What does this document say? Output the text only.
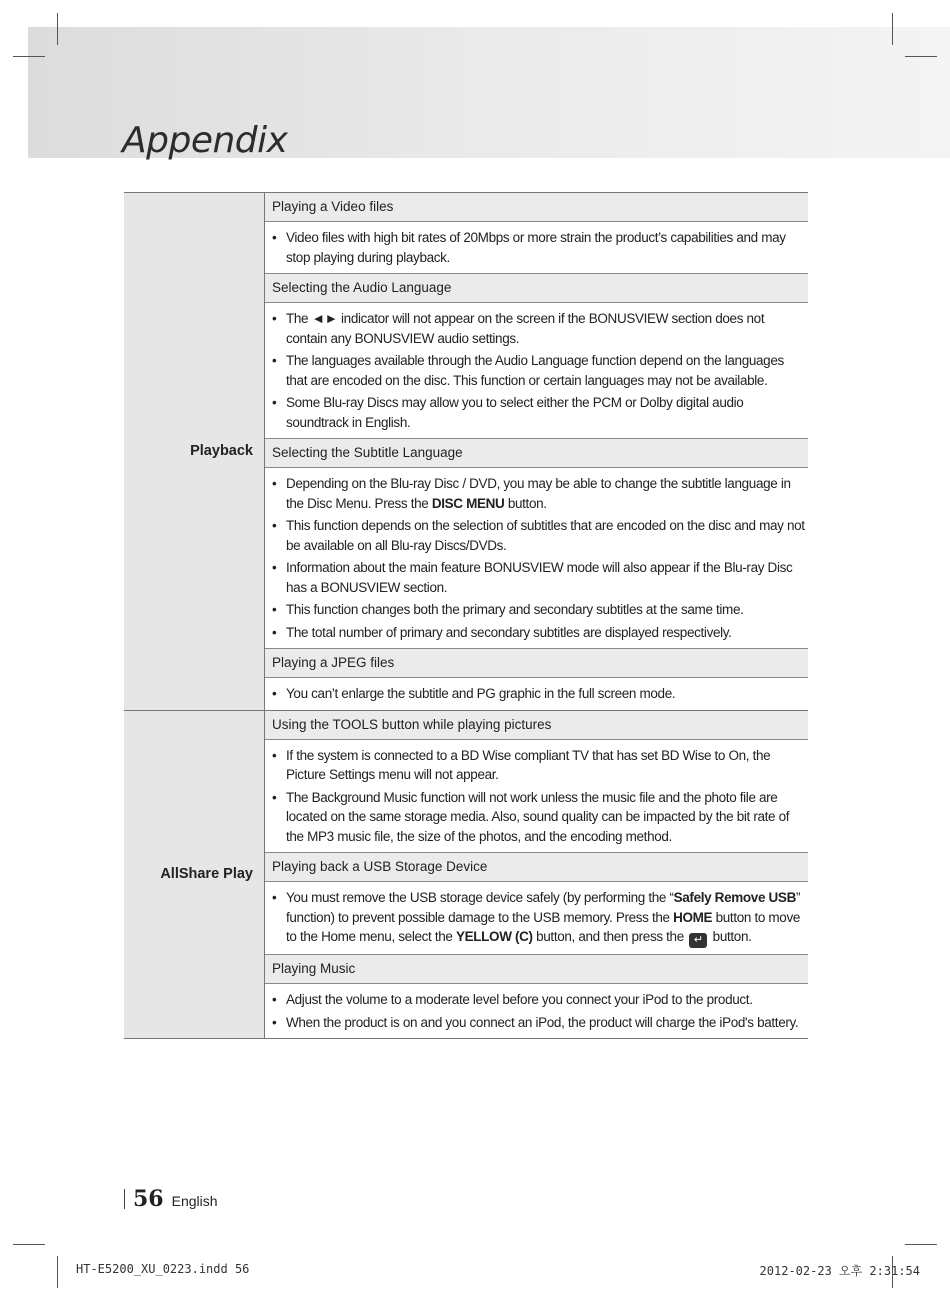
Appendix
Playback
Playing a Video files
• Video files with high bit rates of 20Mbps or more strain the product’s capabilities and may stop playing during playback.
Selecting the Audio Language
• The ◄► indicator will not appear on the screen if the BONUSVIEW section does not contain any BONUSVIEW audio settings.
• The languages available through the Audio Language function depend on the languages that are encoded on the disc. This function or certain languages may not be available.
• Some Blu-ray Discs may allow you to select either the PCM or Dolby digital audio soundtrack in English.
Selecting the Subtitle Language
• Depending on the Blu-ray Disc / DVD, you may be able to change the subtitle language in the Disc Menu. Press the DISC MENU button.
• This function depends on the selection of subtitles that are encoded on the disc and may not be available on all Blu-ray Discs/DVDs.
• Information about the main feature BONUSVIEW mode will also appear if the Blu-ray Disc has a BONUSVIEW section.
• This function changes both the primary and secondary subtitles at the same time.
• The total number of primary and secondary subtitles are displayed respectively.
Playing a JPEG files
• You can’t enlarge the subtitle and PG graphic in the full screen mode.
AllShare Play
Using the TOOLS button while playing pictures
• If the system is connected to a BD Wise compliant TV that has set BD Wise to On, the Picture Settings menu will not appear.
• The Background Music function will not work unless the music file and the photo file are located on the same storage media. Also, sound quality can be impacted by the bit rate of the MP3 music file, the size of the photos, and the encoding method.
Playing back a USB Storage Device
• You must remove the USB storage device safely (by performing the “Safely Remove USB” function) to prevent possible damage to the USB memory. Press the HOME button to move to the Home menu, select the YELLOW (C) button, and then press the ↵ button.
Playing Music
• Adjust the volume to a moderate level before you connect your iPod to the product.
• When the product is on and you connect an iPod, the product will charge the iPod's battery.
56 English
HT-E5200_XU_0223.indd 56	2012-02-23 오후 2:31:54
